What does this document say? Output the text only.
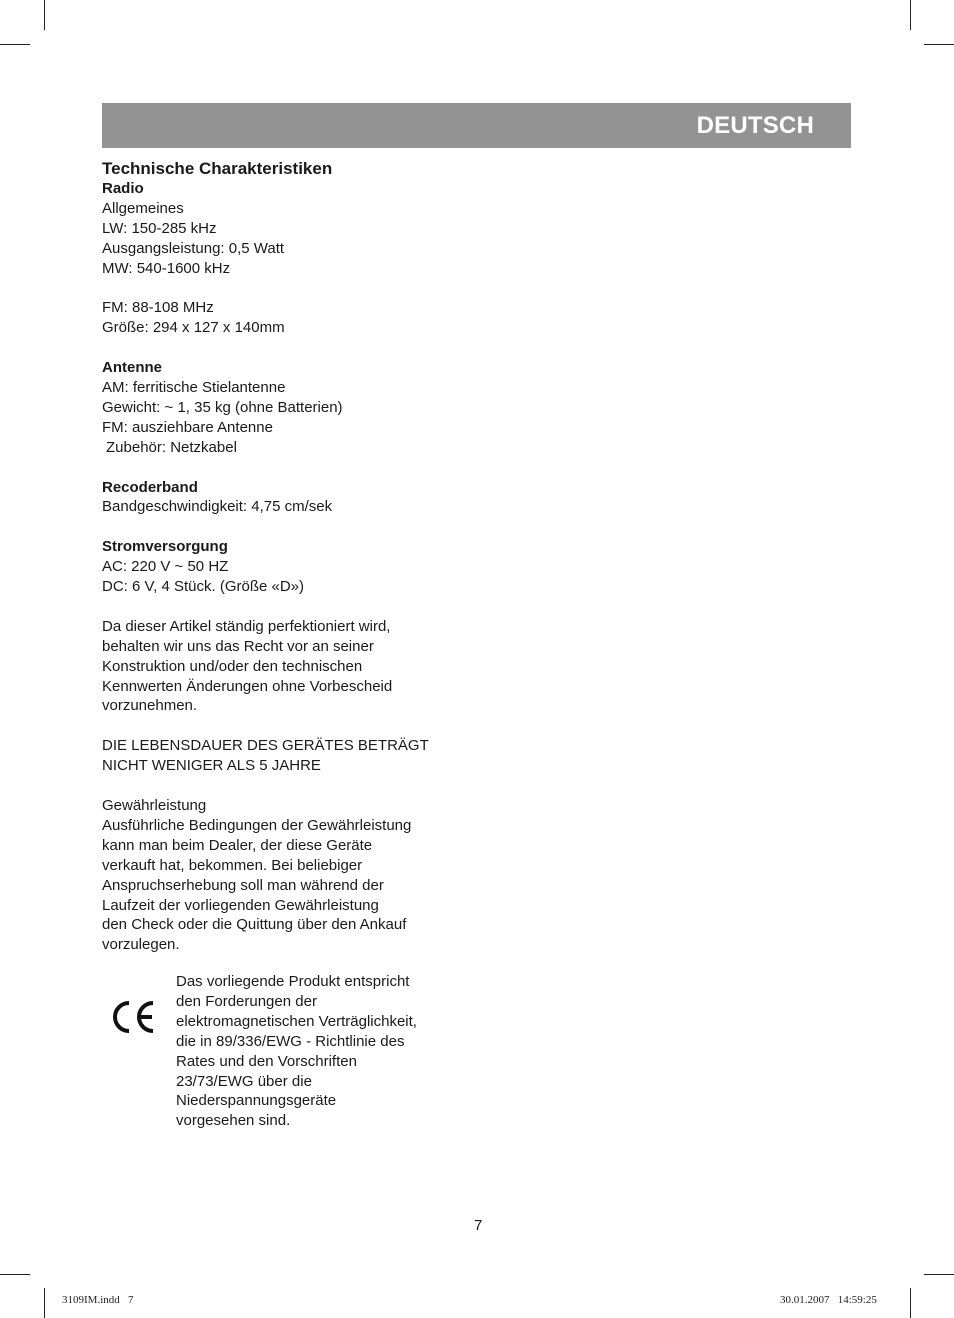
DEUTSCH
Technische Charakteristiken
Radio
Allgemeines
LW: 150-285 kHz
Ausgangsleistung: 0,5 Watt
MW: 540-1600 kHz
FM: 88-108 MHz
Größe: 294 x 127 x 140mm
Antenne
AM: ferritische Stielantenne
Gewicht: ~ 1, 35 kg (ohne Batterien)
FM: ausziehbare Antenne
Zubehör: Netzkabel
Recoderband
Bandgeschwindigkeit: 4,75 cm/sek
Stromversorgung
AC: 220 V ~ 50 HZ
DC: 6 V, 4 Stück. (Größe «D»)
Da dieser Artikel ständig perfektioniert wird,
behalten wir uns das Recht vor an seiner
Konstruktion und/oder den technischen
Kennwerten Änderungen ohne Vorbescheid
vorzunehmen.
DIE LEBENSDAUER DES GERÄTES BETRÄGT
NICHT WENIGER ALS 5 JAHRE
Gewährleistung
Ausführliche Bedingungen der Gewährleistung
kann man beim Dealer, der diese Geräte
verkauft hat, bekommen. Bei beliebiger
Anspruchserhebung soll man während der
Laufzeit der vorliegenden Gewährleistung
den Check oder die Quittung über den Ankauf
vorzulegen.
Das vorliegende Produkt entspricht
den Forderungen der
elektromagnetischen Verträglichkeit,
die in 89/336/EWG - Richtlinie des
Rates und den Vorschriften
23/73/EWG über die
Niederspannungsgeräte
vorgesehen sind.
7
3109IM.indd   7	30.01.2007   14:59:25
